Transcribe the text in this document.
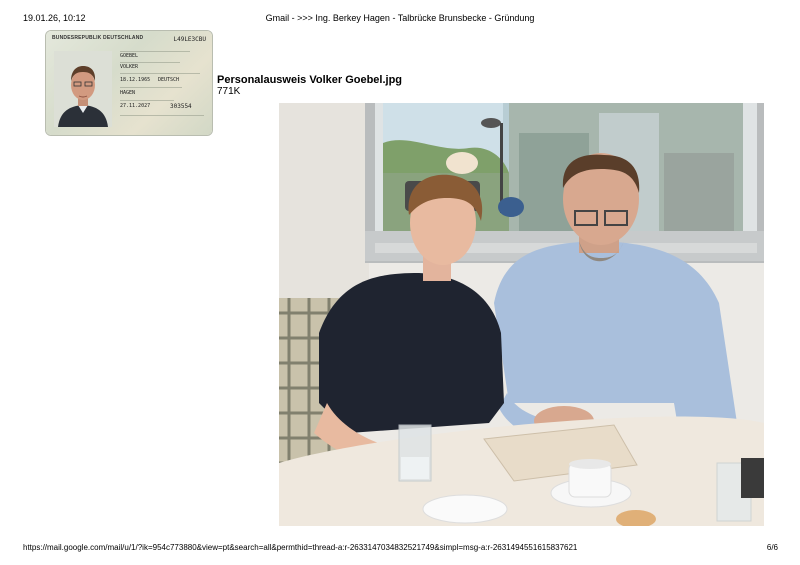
19.01.26, 10:12	Gmail - >>> Ing. Berkey Hagen - Talbrücke Brunsbecke - Gründung
BUNDESREPUBLIK DEUTSCHLAND	L49LE3CBU
GOEBEL
VOLKER
18.12.1965 DEUTSCH
HAGEN
27.11.2027	303554
Personalausweis Volker Goebel.jpg
771K
https://mail.google.com/mail/u/1/?ik=954c773880&view=pt&search=all&permthid=thread-a:r-2633147034832521749&simpl=msg-a:r-2631494551615837621	6/6
